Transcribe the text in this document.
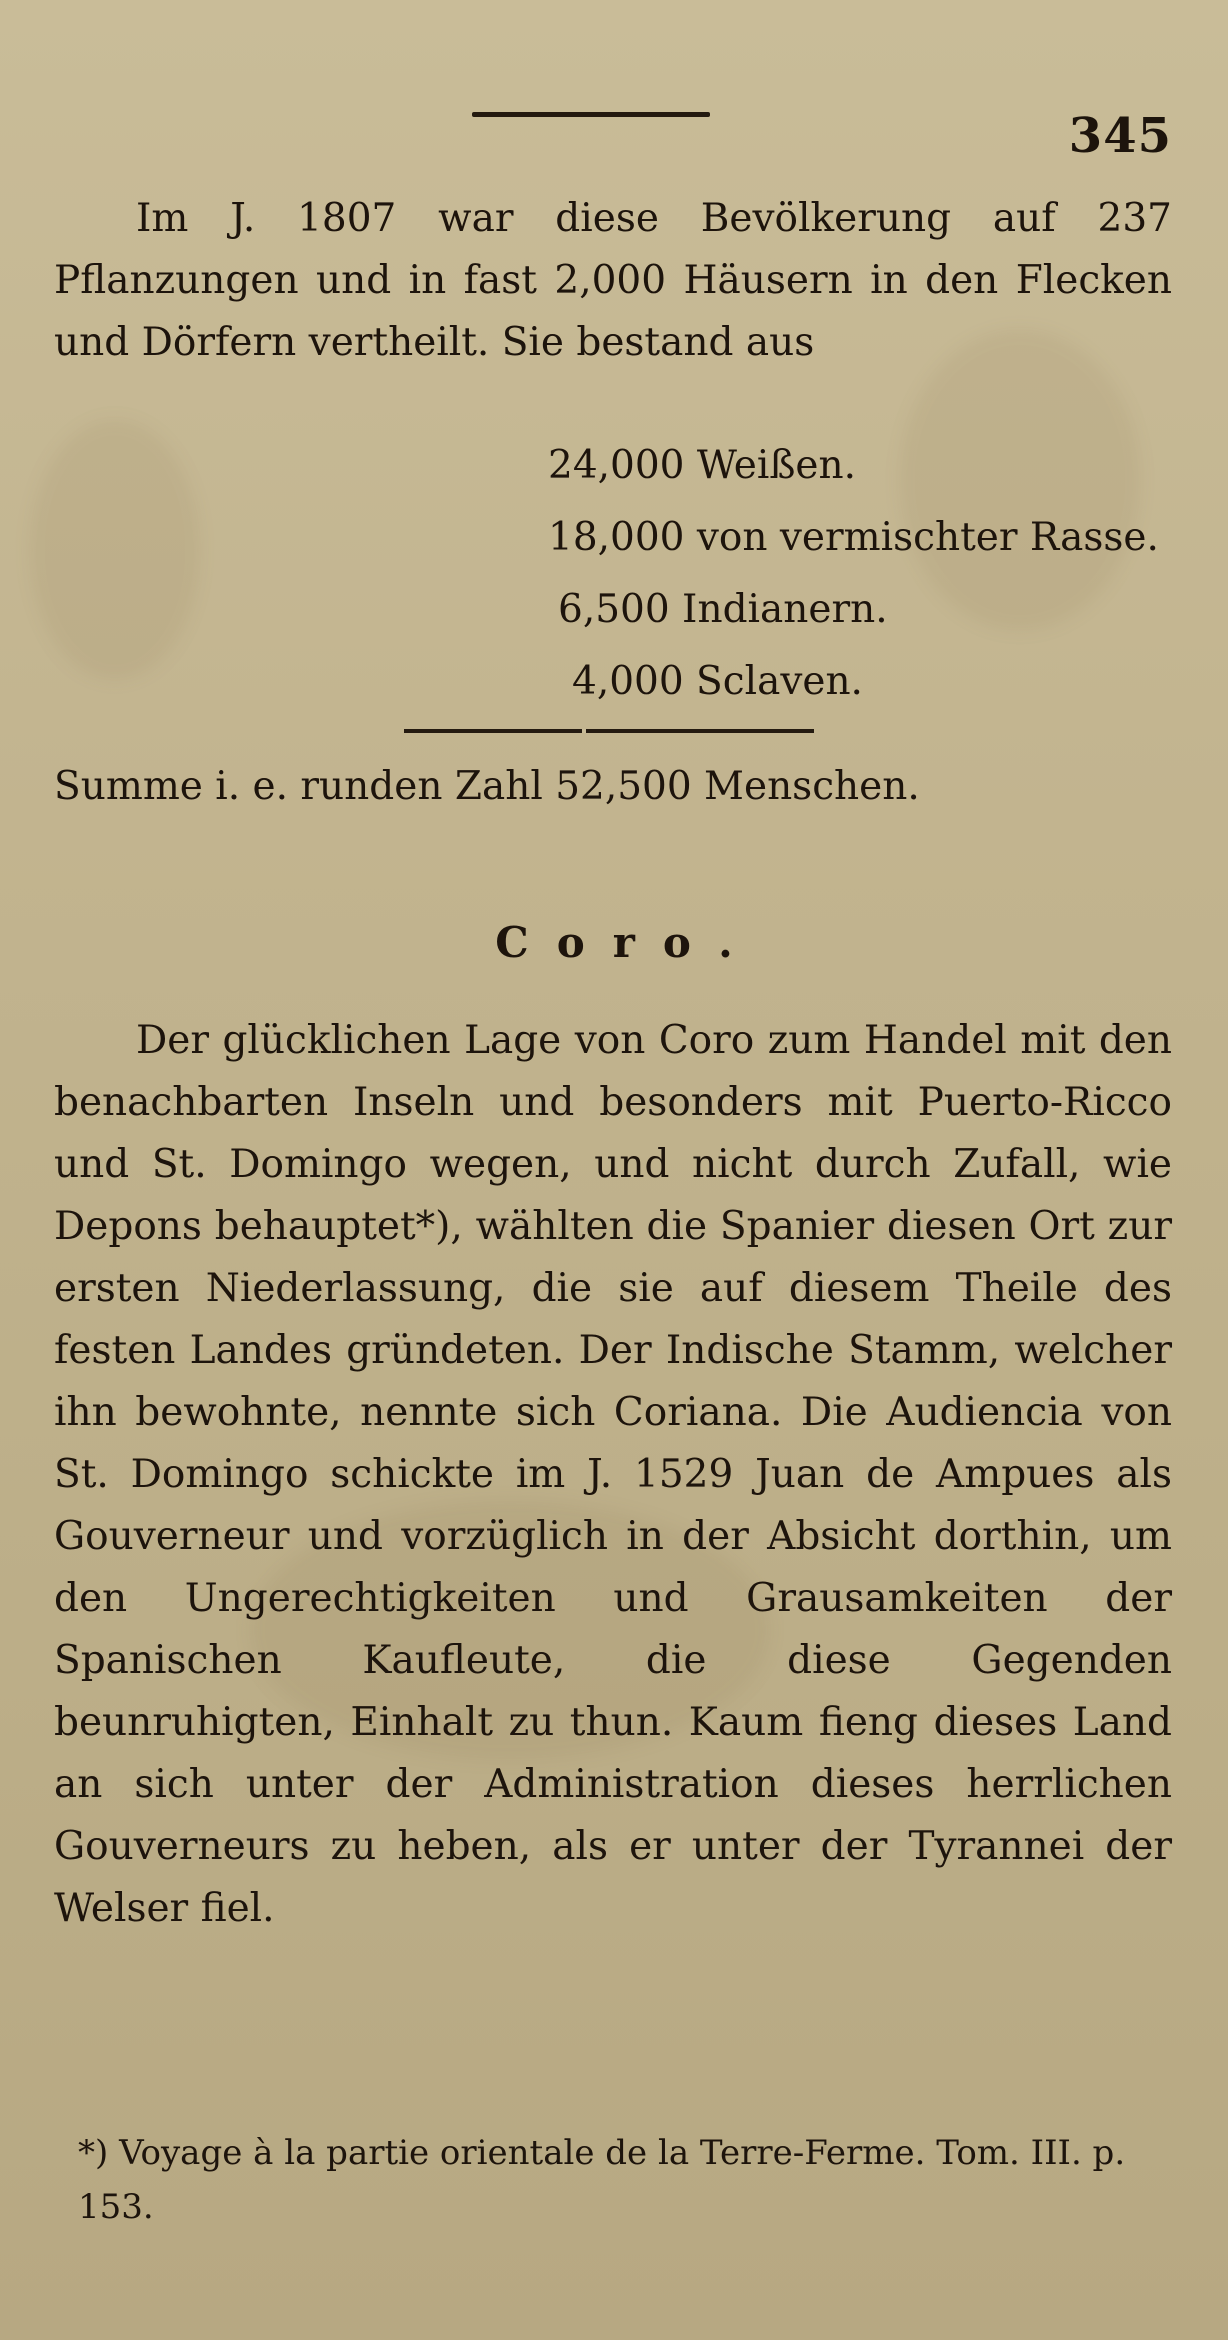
345
Im J. 1807 war diese Bevölkerung auf 237 Pflanzungen und in fast 2,000 Häusern in den Flecken und Dörfern vertheilt. Sie bestand aus

24,000 Weißen.

18,000 von vermischter Rasse.

6,500 Indianern.

4,000 Sclaven.

Summe i. e. runden Zahl 52,500 Menschen.
Coro.
Der glücklichen Lage von Coro zum Handel mit den benachbarten Inseln und besonders mit Puerto-Ricco und St. Domingo wegen, und nicht durch Zufall, wie Depons behauptet*), wählten die Spanier diesen Ort zur ersten Niederlassung, die sie auf diesem Theile des festen Landes gründeten. Der Indische Stamm, welcher ihn bewohnte, nennte sich Coriana. Die Audiencia von St. Domingo schickte im J. 1529 Juan de Ampues als Gouverneur und vorzüglich in der Absicht dorthin, um den Ungerechtigkeiten und Grausamkeiten der Spanischen Kaufleute, die diese Gegenden beunruhigten, Einhalt zu thun. Kaum fieng dieses Land an sich unter der Administration dieses herrlichen Gouverneurs zu heben, als er unter der Tyrannei der Welser fiel.
*) Voyage à la partie orientale de la Terre-Ferme. Tom. III. p. 153.
